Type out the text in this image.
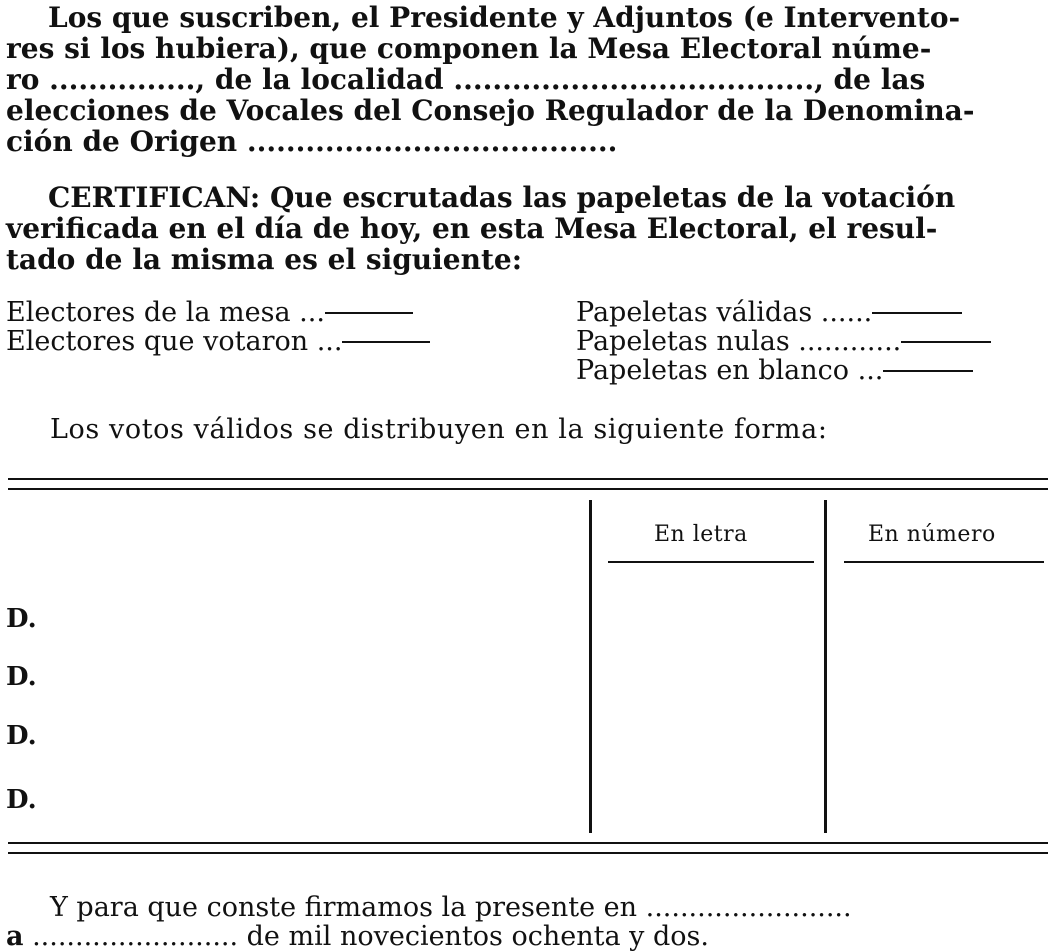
Los que suscriben, el Presidente y Adjuntos (e Intervento-
res si los hubiera), que componen la Mesa Electoral núme-
ro ..............., de la localidad ....................................., de las
elecciones de Vocales del Consejo Regulador de la Denomina-
ción de Origen ......................................
CERTIFICAN: Que escrutadas las papeletas de la votación
verificada en el día de hoy, en esta Mesa Electoral, el resul-
tado de la misma es el siguiente:
Electores de la mesa ...
Electores que votaron ...
Papeletas válidas ......
Papeletas nulas ............
Papeletas en blanco ...
Los votos válidos se distribuyen en la siguiente forma:
En letra	En número
D.
D.
D.
D.
Y para que conste firmamos la presente en ........................
a ........................ de mil novecientos ochenta y dos.
